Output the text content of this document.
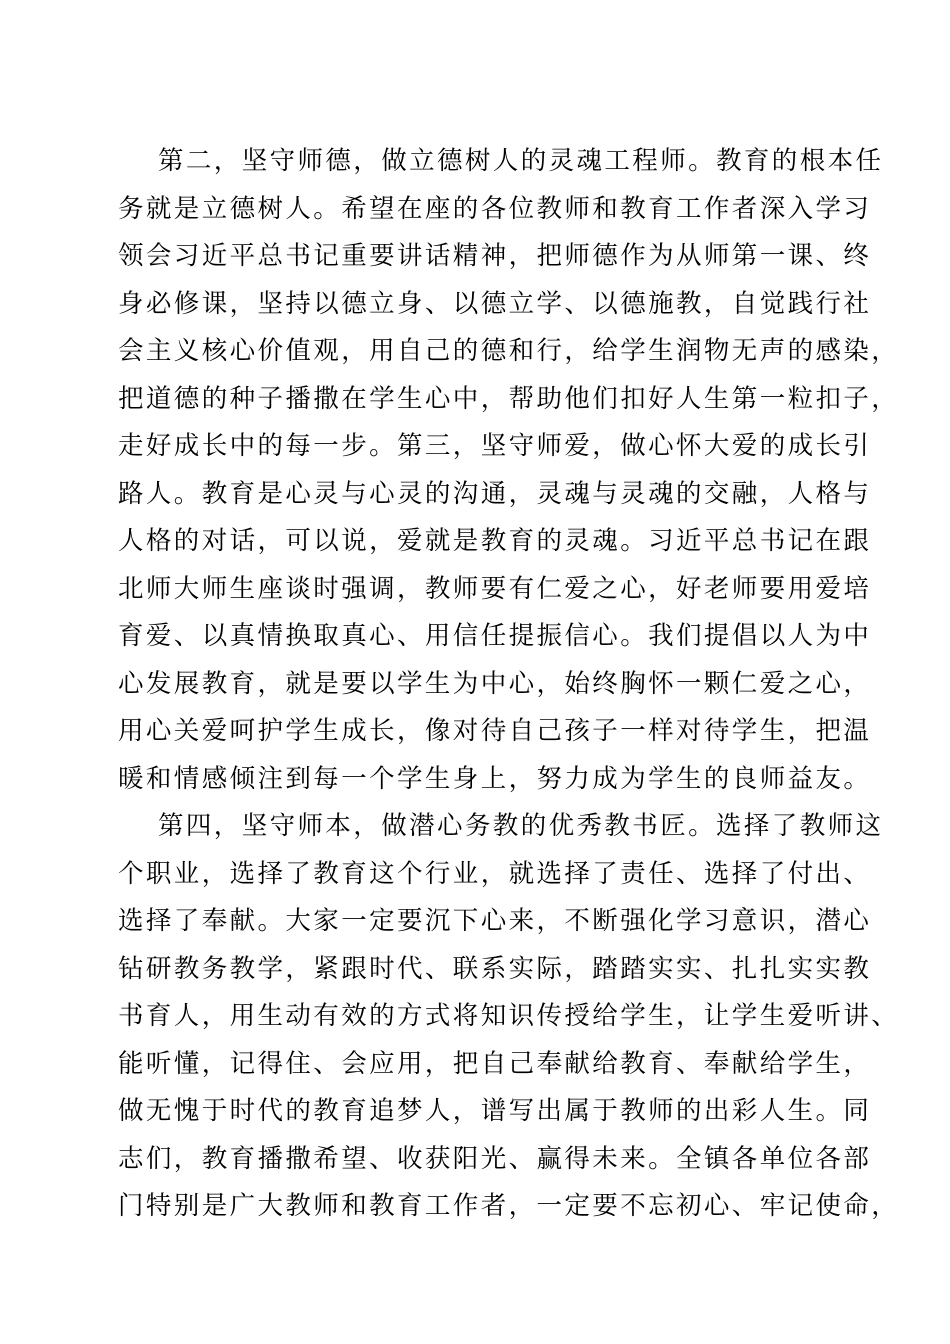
第二，坚守师德，做立德树人的灵魂工程师。教育的根本任
务就是立德树人。希望在座的各位教师和教育工作者深入学习
领会习近平总书记重要讲话精神，把师德作为从师第一课、终
身必修课，坚持以德立身、以德立学、以德施教，自觉践行社
会主义核心价值观，用自己的德和行，给学生润物无声的感染，
把道德的种子播撒在学生心中，帮助他们扣好人生第一粒扣子，
走好成长中的每一步。第三，坚守师爱，做心怀大爱的成长引
路人。教育是心灵与心灵的沟通，灵魂与灵魂的交融，人格与
人格的对话，可以说，爱就是教育的灵魂。习近平总书记在跟
北师大师生座谈时强调，教师要有仁爱之心，好老师要用爱培
育爱、以真情换取真心、用信任提振信心。我们提倡以人为中
心发展教育，就是要以学生为中心，始终胸怀一颗仁爱之心，
用心关爱呵护学生成长，像对待自己孩子一样对待学生，把温
暖和情感倾注到每一个学生身上，努力成为学生的良师益友。
第四，坚守师本，做潜心务教的优秀教书匠。选择了教师这
个职业，选择了教育这个行业，就选择了责任、选择了付出、
选择了奉献。大家一定要沉下心来，不断强化学习意识，潜心
钻研教务教学，紧跟时代、联系实际，踏踏实实、扎扎实实教
书育人，用生动有效的方式将知识传授给学生，让学生爱听讲、
能听懂，记得住、会应用，把自己奉献给教育、奉献给学生，
做无愧于时代的教育追梦人，谱写出属于教师的出彩人生。同
志们，教育播撒希望、收获阳光、赢得未来。全镇各单位各部
门特别是广大教师和教育工作者，一定要不忘初心、牢记使命，
